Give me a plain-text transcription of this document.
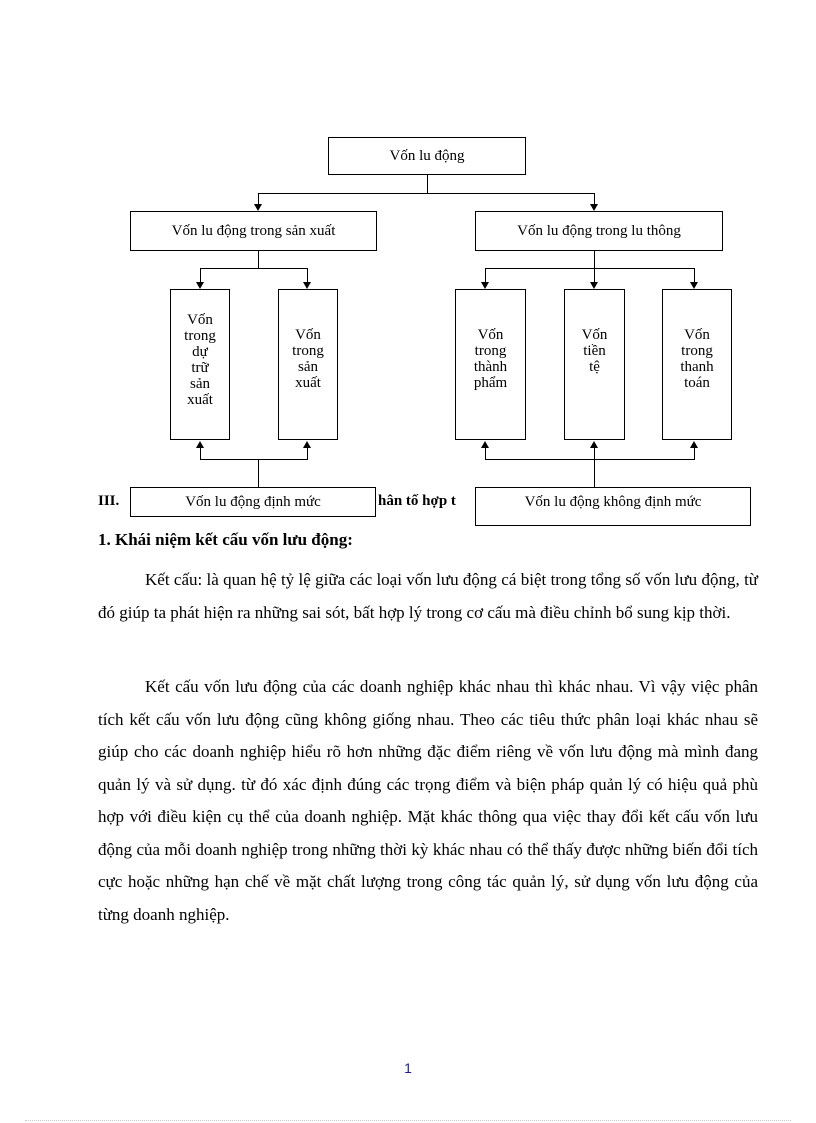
Vốn lu động
Vốn lu động trong sản xuất	Vốn lu động trong lu thông
Vốn trong dự trữ sản xuất
Vốn trong sản xuất
Vốn trong thành phẩm
Vốn tiền tệ
Vốn trong thanh toán
III.	hân tố hợp t
Vốn lu động định mức	Vốn lu động không định mức
1. Khái niệm kết cấu vốn lưu động:

Kết cấu: là quan hệ tỷ lệ giữa các loại vốn lưu động cá biệt trong tổng số vốn lưu động, từ đó giúp ta phát hiện ra những sai sót, bất hợp lý trong cơ cấu mà điều chỉnh bổ sung kịp thời.

Kết cấu vốn lưu động của các doanh nghiệp khác nhau thì khác nhau. Vì vậy việc phân tích kết cấu vốn lưu động cũng không giống nhau. Theo các tiêu thức phân loại khác nhau sẽ giúp cho các doanh nghiệp hiểu rõ hơn những đặc điểm riêng về vốn lưu động mà mình đang quản lý và sử dụng. từ đó xác định đúng các trọng điểm và biện pháp quản lý có hiệu quả phù hợp với điều kiện cụ thể của doanh nghiệp. Mặt khác thông qua việc thay đổi kết cấu vốn lưu động của mỗi doanh nghiệp trong những thời kỳ khác nhau có thể thấy được những biến đổi tích cực hoặc những hạn chế về mặt chất lượng trong công tác quản lý, sử dụng vốn lưu động của từng doanh nghiệp.

1
